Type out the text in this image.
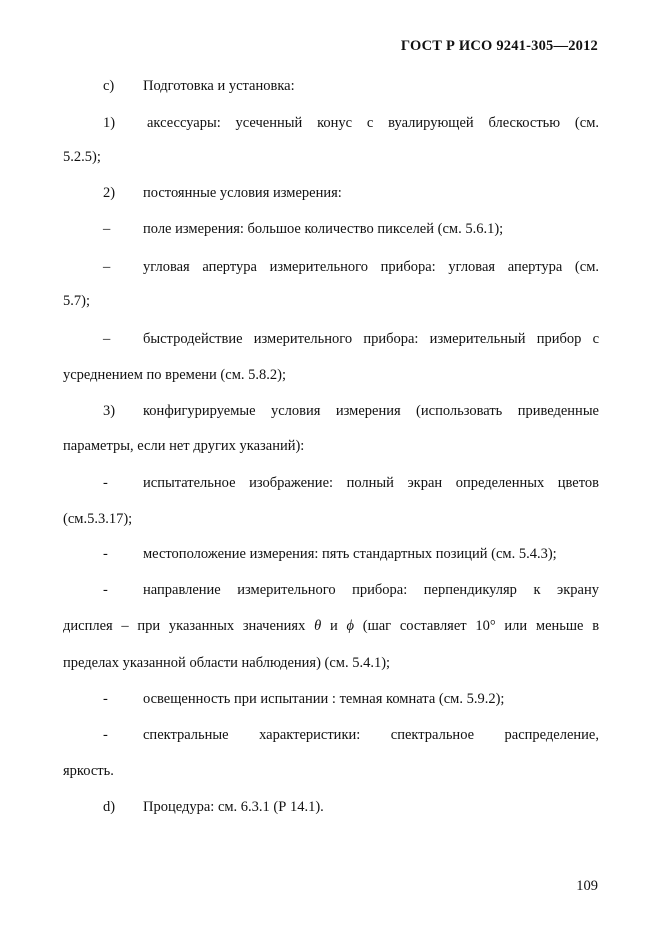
ГОСТ Р ИСО 9241-305—2012
c) Подготовка и установка:
1) аксессуары: усеченный конус с вуалирующей блескостью (см.
5.2.5);
2) постоянные условия измерения:
– поле измерения: большое количество пикселей (см. 5.6.1);
– угловая апертура измерительного прибора: угловая апертура (см.
5.7);
– быстродействие измерительного прибора: измерительный прибор с
усреднением по времени (см. 5.8.2);
3) конфигурируемые условия измерения (использовать приведенные
параметры, если нет других указаний):
- испытательное изображение: полный экран определенных цветов
(см.5.3.17);
- местоположение измерения: пять стандартных позиций (см. 5.4.3);
- направление измерительного прибора: перпендикуляр к экрану
дисплея – при указанных значениях θ и ϕ (шаг составляет 10° или меньше в
пределах указанной области наблюдения) (см. 5.4.1);
- освещенность при испытании : темная комната (см. 5.9.2);
- спектральные характеристики: спектральное распределение,
яркость.
d) Процедура: см. 6.3.1 (Р 14.1).
109
